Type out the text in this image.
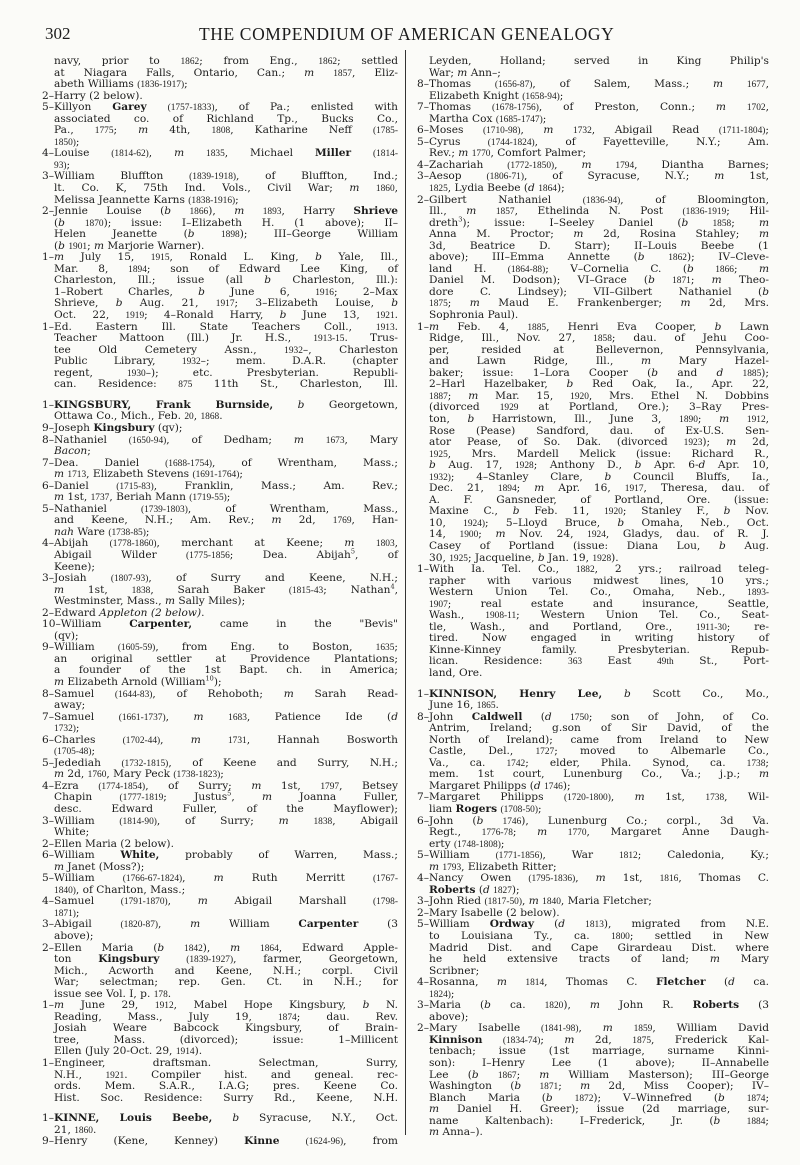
302	THE COMPENDIUM OF AMERICAN GENEALOGY
navy, prior to 1862; from Eng., 1862; settled
at Niagara Falls, Ontario, Can.; m 1857, Eliz-
abeth Williams (1836-1917);
2–Harry (2 below).
5–Killyon Garey (1757-1833), of Pa.; enlisted with
associated co. of Richland Tp., Bucks Co.,
Pa., 1775; m 4th, 1808, Katharine Neff (1785-
1850);
4–Louise (1814-62), m 1835, Michael Miller (1814-
93);
3–William Bluffton (1839-1918), of Bluffton, Ind.;
lt. Co. K, 75th Ind. Vols., Civil War; m 1860,
Melissa Jeannette Karns (1838-1916);
2–Jennie Louise (b 1866), m 1893, Harry Shrieve
(b 1870); issue: I–Elizabeth H. (1 above); II–
Helen Jeanette (b	1898); III–George William
(b 1901; m Marjorie Warner).
1–m July 15, 1915, Ronald L. King, b Yale, Ill.,
Mar. 8, 1894; son of Edward Lee King, of
Charleston, Ill.; issue (all b Charleston, Ill.):
1–Robert Charles, b June 6, 1916; 2–Max
Shrieve, b Aug. 21, 1917; 3–Elizabeth Louise, b
Oct. 22, 1919; 4–Ronald Harry, b June 13, 1921.
1–Ed. Eastern Ill. State Teachers Coll., 1913.
Teacher Mattoon (Ill.) Jr. H.S., 1913-15. Trus-
tee Old Cemetery Assn., 1932–, Charleston
Public Library, 1932–; mem. D.A.R. (chapter
regent, 1930–); etc. Presbyterian. Republi-
can. Residence: 875 11th St., Charleston, Ill.
1–KINGSBURY, Frank Burnside, b Georgetown,
Ottawa Co., Mich., Feb. 20, 1868.
9–Joseph Kingsbury (qv);
8–Nathaniel (1650-94), of Dedham; m 1673, Mary
Bacon;
7–Dea. Daniel (1688-1754), of Wrentham, Mass.;
m 1713, Elizabeth Stevens (1691-1764);
6–Daniel (1715-83), Franklin, Mass.; Am. Rev.;
m 1st, 1737, Beriah Mann (1719-55);
5–Nathaniel (1739-1803), of Wrentham, Mass.,
and Keene, N.H.; Am. Rev.; m 2d, 1769, Han-
nah Ware (1738-85);
4–Abijah (1778-1860), merchant at Keene; m 1803,
Abigail Wilder (1775-1856; Dea. Abijah$^5$, of
Keene);
3–Josiah (1807-93), of Surry and Keene, N.H.;
m 1st, 1838, Sarah Baker (1815-43; Nathan$^4$,
Westminster, Mass., m Sally Miles);
2–Edward Appleton (2 below).
10–William Carpenter, came in the "Bevis"
(qv);
9–William (1605-59), from Eng. to Boston, 1635;
an original settler at Providence Plantations;
a founder of the 1st Bapt. ch. in America;
m Elizabeth Arnold (William$^{10}$);
8–Samuel (1644-83), of Rehoboth; m Sarah Read-
away;
7–Samuel (1661-1737), m	1683, Patience Ide (d
1732);
6–Charles (1702-44), m	1731, Hannah Bosworth
(1705-48);
5–Jedediah (1732-1815), of Keene and Surry, N.H.;
m 2d, 1760, Mary Peck (1738-1823);
4–Ezra (1774-1854), of Surry; m 1st, 1797, Betsey
Chapin (1777-1819; Justus$^5$, m Joanna Fuller,
desc. Edward Fuller, of the Mayflower);
3–William (1814-90), of Surry; m	1838, Abigail
White;
2–Ellen Maria (2 below).
6–William White, probably of Warren, Mass.;
m Janet (Moss?);
5–William (1766-67-1824), m Ruth Merritt (1767-
1840), of Charlton, Mass.;
4–Samuel (1791-1870), m Abigail Marshall (1798-
1871);
3–Abigail (1820-87), m William Carpenter (3
above);
2–Ellen Maria (b 1842), m 1864, Edward Apple-
ton Kingsbury	(1839-1927), farmer, Georgetown,
Mich., Acworth and Keene, N.H.; corpl. Civil
War; selectman; rep. Gen. Ct. in N.H.; for
issue see Vol. I, p. 178.
1–m June 29, 1912, Mabel Hope Kingsbury, b N.
Reading, Mass., July 19, 1874; dau. Rev.
Josiah Weare Babcock Kingsbury, of Brain-
tree, Mass. (divorced); issue: 1–Millicent
Ellen (July 20-Oct. 29, 1914).
1–Engineer, draftsman. Selectman, Surry,
N.H., 1921. Compiler hist. and geneal. rec-
ords. Mem. S.A.R., I.A.G; pres. Keene Co.
Hist. Soc. Residence: Surry Rd., Keene, N.H.
1–KINNE, Louis Beebe, b Syracuse, N.Y., Oct.
21, 1860.
9–Henry (Kene, Kenney) Kinne	(1624-96), from
Leyden, Holland; served in King Philip's
War; m Ann–;
8–Thomas (1656-87), of Salem, Mass.; m	1677,
Elizabeth Knight (1658-94);
7–Thomas (1678-1756), of Preston, Conn.; m 1702,
Martha Cox (1685-1747);
6–Moses (1710-98), m 1732, Abigail Read (1711-1804);
5–Cyrus (1744-1824), of Fayetteville, N.Y.; Am.
Rev.; m 1770, Comfort Palmer;
4–Zachariah (1772-1850), m	1794, Diantha Barnes;
3–Aesop (1806-71), of Syracuse, N.Y.; m 1st,
1825, Lydia Beebe (d 1864);
2–Gilbert Nathaniel (1836-94), of Bloomington,
Ill., m 1857, Ethelinda N. Post (1836-1919; Hil-
dreth$^3$); issue: I–Seeley Daniel (b	1858; m
Anna M. Proctor; m 2d, Rosina Stahley; m
3d, Beatrice D. Starr); II–Louis Beebe (1
above); III–Emma Annette (b	1862); IV–Cleve-
land H. (1864-88); V–Cornelia C. (b 1866; m
Daniel M. Dodson); VI–Grace (b 1871; m Theo-
dore C. Lindsey); VII–Gilbert Nathaniel (b
1875; m Maud E. Frankenberger; m 2d, Mrs.
Sophronia Paul).
1–m Feb. 4, 1885, Henri Eva Cooper, b Lawn
Ridge, Ill., Nov. 27, 1858; dau. of Jehu Coo-
per, resided at Bellevernon, Pennsylvania,
and Lawn Ridge, Ill., m Mary Hazel-
baker; issue: 1–Lora Cooper (b and d 1885);
2–Harl Hazelbaker, b Red Oak, Ia., Apr. 22,
1887; m Mar. 15, 1920, Mrs. Ethel N. Dobbins
(divorced 1929 at Portland, Ore.); 3–Ray Pres-
ton, b Harristown, Ill., June 3, 1890; m 1912,
Rose (Pease) Sandford, dau. of Ex-U.S. Sen-
ator Pease, of So. Dak. (divorced 1923); m 2d,
1925, Mrs. Mardell Melick (issue: Richard R.,
b Aug. 17, 1928; Anthony D., b Apr. 6-d Apr. 10,
1932); 4–Stanley Clare, b Council Bluffs, Ia.,
Dec. 21, 1894; m Apr. 16, 1917, Theresa, dau. of
A. F. Gansneder, of Portland, Ore. (issue:
Maxine C., b Feb. 11, 1920; Stanley F., b Nov.
10, 1924); 5–Lloyd Bruce, b Omaha, Neb., Oct.
14, 1900; m Nov. 24, 1924, Gladys, dau. of R. J.
Casey of Portland (issue: Diana Lou, b Aug.
30, 1925; Jacqueline, b Jan. 19, 1928).
1–With Ia. Tel. Co., 1882, 2 yrs.; railroad teleg-
rapher with various midwest lines, 10 yrs.;
Western Union Tel. Co., Omaha, Neb., 1893-
1907; real estate and insurance, Seattle,
Wash., 1908-11; Western Union Tel. Co., Seat-
tle, Wash., and Portland, Ore., 1911-30; re-
tired. Now engaged in writing history of
Kinne-Kinney family. Presbyterian. Repub-
lican. Residence: 363 East 49th St., Port-
land, Ore.
1–KINNISON, Henry Lee, b Scott Co., Mo.,
June 16, 1865.
8–John Caldwell (d 1750; son of John, of Co.
Antrim, Ireland; g.son of Sir David, of the
North of Ireland); came from Ireland to New
Castle, Del., 1727; moved to Albemarle Co.,
Va., ca. 1742; elder, Phila. Synod, ca. 1738;
mem. 1st court, Lunenburg Co., Va.; j.p.; m
Margaret Philipps (d 1746);
7–Margaret Philipps (1720-1800), m 1st, 1738, Wil-
liam Rogers (1708-50);
6–John (b 1746), Lunenburg Co.; corpl., 3d Va.
Regt., 1776-78; m 1770, Margaret Anne Daugh-
erty (1748-1808);
5–William (1771-1856), War 1812; Caledonia, Ky.;
m 1793, Elizabeth Ritter;
4–Nancy Owen (1795-1836), m 1st, 1816, Thomas C.
Roberts (d 1827);
3–John Ried (1817-50), m 1840, Maria Fletcher;
2–Mary Isabelle (2 below).
5–William Ordway (d 1813), migrated from N.E.
to Louisiana Ty., ca. 1800; settled in New
Madrid Dist. and Cape Girardeau Dist. where
he held extensive tracts of land; m Mary
Scribner;
4–Rosanna, m 1814, Thomas C. Fletcher (d ca.
1824);
3–Maria (b ca. 1820), m John R. Roberts (3
above);
2–Mary Isabelle (1841-98), m 1859, William David
Kinnison (1834-74); m 2d, 1875, Frederick Kal-
tenbach; issue (1st marriage, surname Kinni-
son): I–Henry Lee (1 above); II–Annabelle
Lee (b 1867; m William Masterson); III–George
Washington (b 1871; m 2d, Miss Cooper); IV–
Blanch Maria (b 1872); V–Winnefred (b 1874;
m Daniel H. Greer); issue (2d marriage, sur-
name Kaltenbach): I–Frederick, Jr. (b	1884;
m Anna–).
